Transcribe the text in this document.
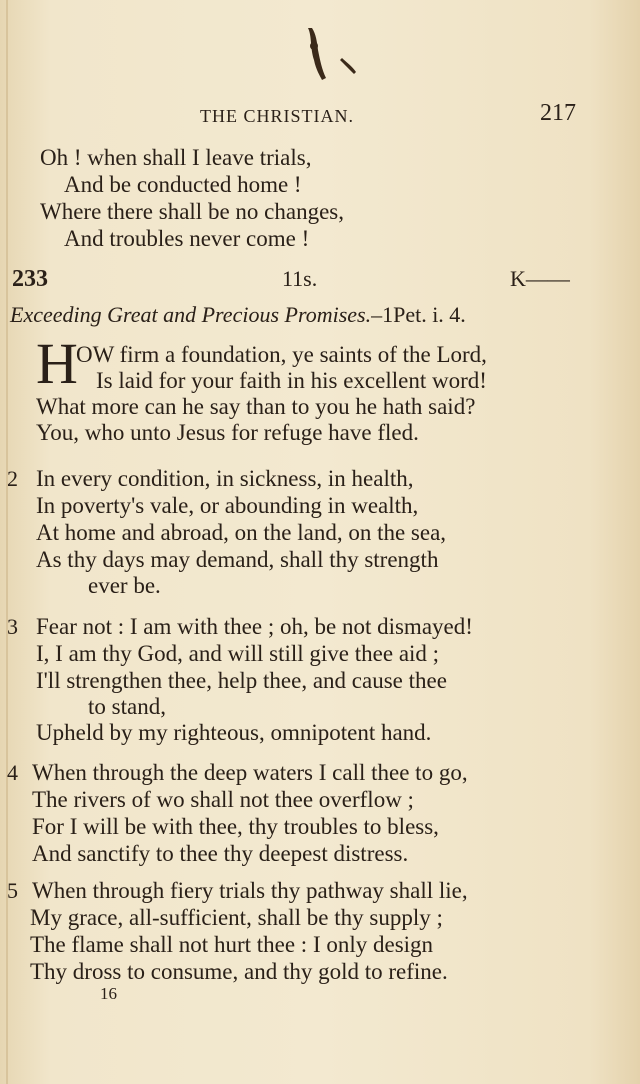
THE CHRISTIAN.	217
Oh ! when shall I leave trials,
And be conducted home !
Where there shall be no changes,
And troubles never come !
233	11s.	K——
Exceeding Great and Precious Promises.–1Pet. i. 4.
H
OW firm a foundation, ye saints of the Lord,
Is laid for your faith in his excellent word!
What more can he say than to you he hath said?
You, who unto Jesus for refuge have fled.
2 In every condition, in sickness, in health,
In poverty's vale, or abounding in wealth,
At home and abroad, on the land, on the sea,
As thy days may demand, shall thy strength
ever be.
3 Fear not : I am with thee ; oh, be not dismayed!
I, I am thy God, and will still give thee aid ;
I'll strengthen thee, help thee, and cause thee
to stand,
Upheld by my righteous, omnipotent hand.
4 When through the deep waters I call thee to go,
The rivers of wo shall not thee overflow ;
For I will be with thee, thy troubles to bless,
And sanctify to thee thy deepest distress.
5 When through fiery trials thy pathway shall lie,
My grace, all-sufficient, shall be thy supply ;
The flame shall not hurt thee : I only design
Thy dross to consume, and thy gold to refine.
16
